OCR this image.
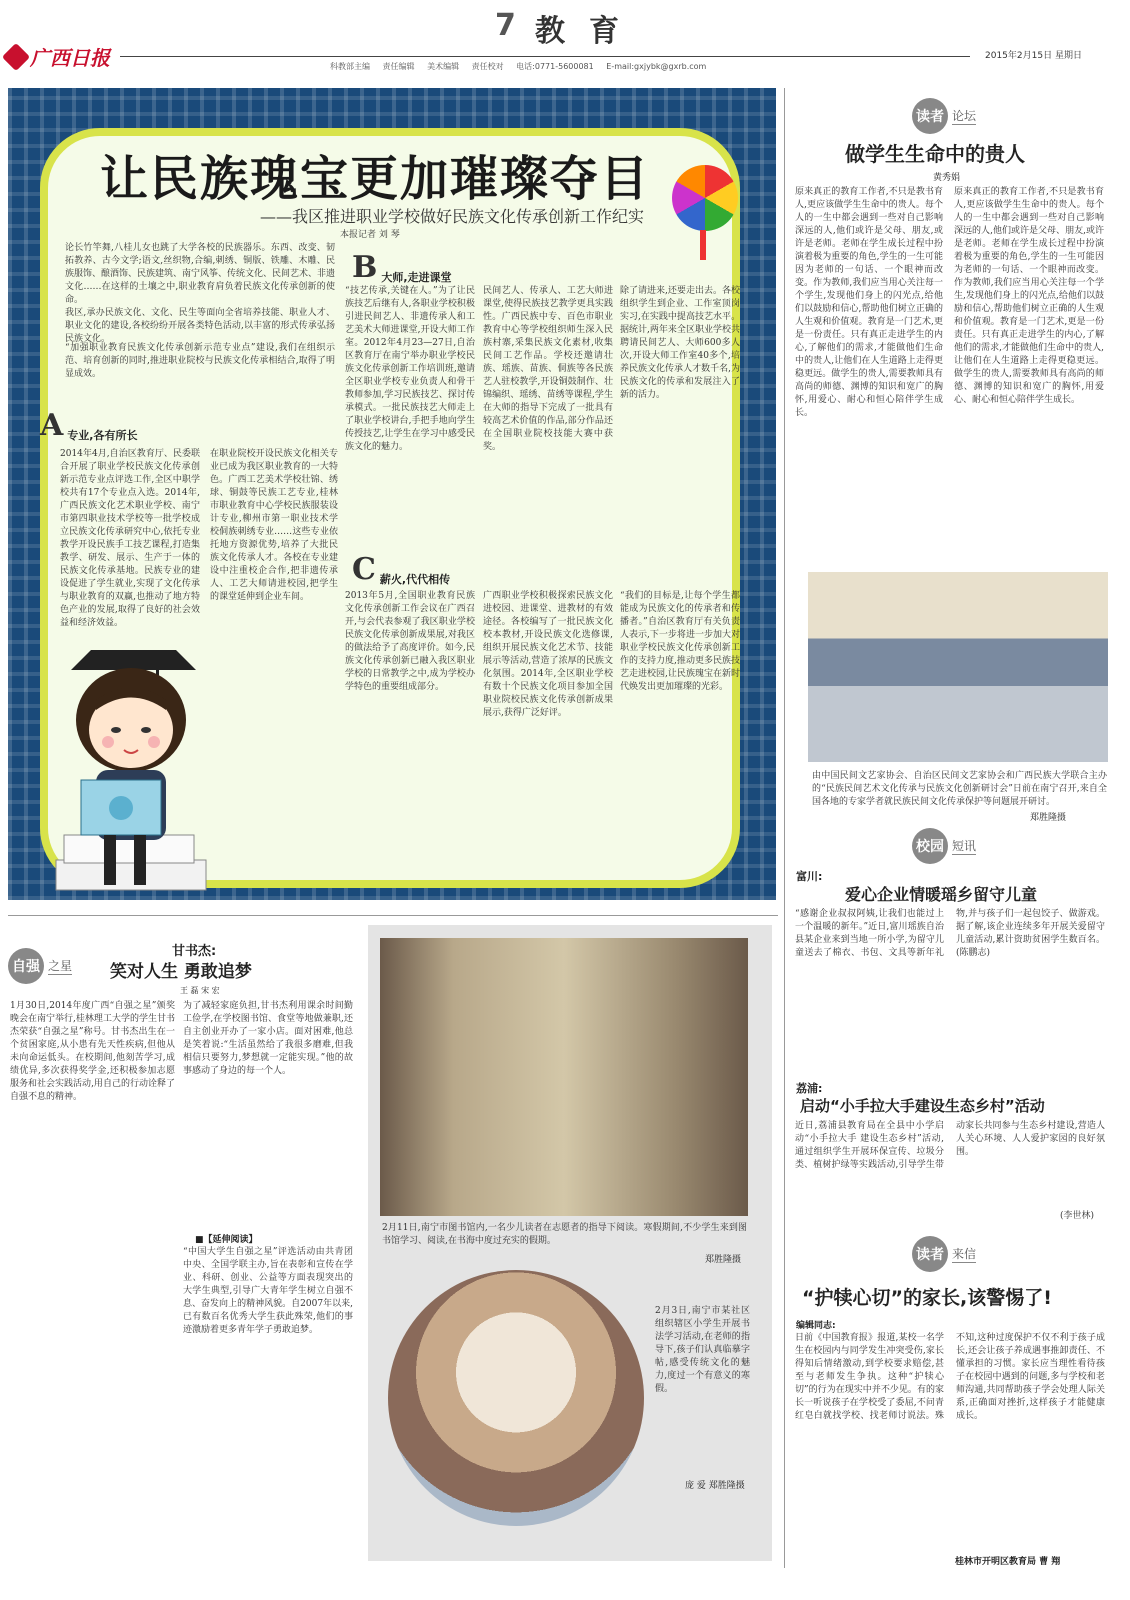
7 教育
广西日报	科教部主编 责任编辑 美术编辑 责任校对 电话:0771-5600081 E-mail:gxjybk@gxrb.com
2015年2月15日 星期日
让民族瑰宝更加璀璨夺目
——我区推进职业学校做好民族文化传承创新工作纪实
本报记者 刘 琴
论长竹竿舞,八桂儿女也跳了大学各校的民族器乐。东西、改变、韧拓教养、古今文学;语文,丝织物,合编,刺绣、铜版、铁雕、木雕、民族服饰、酿酒饰、民族建筑、南宁风筝、传统文化、民间艺术、非遗文化……在这样的土壤之中,职业教育肩负着民族文化传承创新的使命。
我区,承办民族文化、文化、民生等面向全省培养技能、职业人才、职业文化的建设,各校纷纷开展各类特色活动,以丰富的形式传承弘扬民族文化。
“加强职业教育民族文化传承创新示范专业点”建设,我们在组织示范、培育创新的同时,推进职业院校与民族文化传承相结合,取得了明显成效。
A 专业,各有所长
2014年4月,自治区教育厅、民委联合开展了职业学校民族文化传承创新示范专业点评选工作,全区中职学校共有17个专业点入选。2014年,广西民族文化艺术职业学校、南宁市第四职业技术学校等一批学校成立民族文化传承研究中心,依托专业教学开设民族手工技艺课程,打造集教学、研发、展示、生产于一体的民族文化传承基地。民族专业的建设促进了学生就业,实现了文化传承与职业教育的双赢,也推动了地方特色产业的发展,取得了良好的社会效益和经济效益。
在职业院校开设民族文化相关专业已成为我区职业教育的一大特色。广西工艺美术学校壮锦、绣球、铜鼓等民族工艺专业,桂林市职业教育中心学校民族服装设计专业,柳州市第一职业技术学校侗族刺绣专业……这些专业依托地方资源优势,培养了大批民族文化传承人才。各校在专业建设中注重校企合作,把非遗传承人、工艺大师请进校园,把学生的课堂延伸到企业车间。
B 大师,走进课堂
“技艺传承,关键在人。”为了让民族技艺后继有人,各职业学校积极引进民间艺人、非遗传承人和工艺美术大师进课堂,开设大师工作室。2012年4月23—27日,自治区教育厅在南宁举办职业学校民族文化传承创新工作培训班,邀请全区职业学校专业负责人和骨干教师参加,学习民族技艺、探讨传承模式。一批民族技艺大师走上了职业学校讲台,手把手地向学生传授技艺,让学生在学习中感受民族文化的魅力。
民间艺人、传承人、工艺大师进课堂,使得民族技艺教学更具实践性。广西民族中专、百色市职业教育中心等学校组织师生深入民族村寨,采集民族文化素材,收集民间工艺作品。学校还邀请壮族、瑶族、苗族、侗族等各民族艺人驻校教学,开设铜鼓制作、壮锦编织、瑶绣、苗绣等课程,学生在大师的指导下完成了一批具有较高艺术价值的作品,部分作品还在全国职业院校技能大赛中获奖。
除了请进来,还要走出去。各校组织学生到企业、工作室顶岗实习,在实践中提高技艺水平。据统计,两年来全区职业学校共聘请民间艺人、大师600多人次,开设大师工作室40多个,培养民族文化传承人才数千名,为民族文化的传承和发展注入了新的活力。
C 薪火,代代相传
2013年5月,全国职业教育民族文化传承创新工作会议在广西召开,与会代表参观了我区职业学校民族文化传承创新成果展,对我区的做法给予了高度评价。如今,民族文化传承创新已融入我区职业学校的日常教学之中,成为学校办学特色的重要组成部分。
广西职业学校积极探索民族文化进校园、进课堂、进教材的有效途径。各校编写了一批民族文化校本教材,开设民族文化选修课,组织开展民族文化艺术节、技能展示等活动,营造了浓厚的民族文化氛围。2014年,全区职业学校有数十个民族文化项目参加全国职业院校民族文化传承创新成果展示,获得广泛好评。
“我们的目标是,让每个学生都能成为民族文化的传承者和传播者。”自治区教育厅有关负责人表示,下一步将进一步加大对职业学校民族文化传承创新工作的支持力度,推动更多民族技艺走进校园,让民族瑰宝在新时代焕发出更加璀璨的光彩。
读者 论坛
做学生生命中的贵人
黄秀娟
原来真正的教育工作者,不只是教书育人,更应该做学生生命中的贵人。每个人的一生中都会遇到一些对自己影响深远的人,他们或许是父母、朋友,或许是老师。老师在学生成长过程中扮演着极为重要的角色,学生的一生可能因为老师的一句话、一个眼神而改变。作为教师,我们应当用心关注每一个学生,发现他们身上的闪光点,给他们以鼓励和信心,帮助他们树立正确的人生观和价值观。教育是一门艺术,更是一份责任。只有真正走进学生的内心,了解他们的需求,才能做他们生命中的贵人,让他们在人生道路上走得更稳更远。做学生的贵人,需要教师具有高尚的师德、渊博的知识和宽广的胸怀,用爱心、耐心和恒心陪伴学生成长。
原来真正的教育工作者,不只是教书育人,更应该做学生生命中的贵人。每个人的一生中都会遇到一些对自己影响深远的人,他们或许是父母、朋友,或许是老师。老师在学生成长过程中扮演着极为重要的角色,学生的一生可能因为老师的一句话、一个眼神而改变。作为教师,我们应当用心关注每一个学生,发现他们身上的闪光点,给他们以鼓励和信心,帮助他们树立正确的人生观和价值观。教育是一门艺术,更是一份责任。只有真正走进学生的内心,了解他们的需求,才能做他们生命中的贵人,让他们在人生道路上走得更稳更远。做学生的贵人,需要教师具有高尚的师德、渊博的知识和宽广的胸怀,用爱心、耐心和恒心陪伴学生成长。
由中国民间文艺家协会、自治区民间文艺家协会和广西民族大学联合主办的“民族民间艺术文化传承与民族文化创新研讨会”日前在南宁召开,来自全国各地的专家学者就民族民间文化传承保护等问题展开研讨。
郑胜隆摄
校园 短讯
富川:
爱心企业情暖瑶乡留守儿童
“感谢企业叔叔阿姨,让我们也能过上一个温暖的新年。”近日,富川瑶族自治县某企业来到当地一所小学,为留守儿童送去了棉衣、书包、文具等新年礼物,并与孩子们一起包饺子、做游戏。据了解,该企业连续多年开展关爱留守儿童活动,累计资助贫困学生数百名。(陈鹏志)
荔浦:
启动“小手拉大手建设生态乡村”活动
近日,荔浦县教育局在全县中小学启动“小手拉大手 建设生态乡村”活动,通过组织学生开展环保宣传、垃圾分类、植树护绿等实践活动,引导学生带动家长共同参与生态乡村建设,营造人人关心环境、人人爱护家园的良好氛围。
(李世林)
读者 来信
“护犊心切”的家长,该警惕了!
编辑同志:
日前《中国教育报》报道,某校一名学生在校园内与同学发生冲突受伤,家长得知后情绪激动,到学校要求赔偿,甚至与老师发生争执。这种“护犊心切”的行为在现实中并不少见。有的家长一听说孩子在学校受了委屈,不问青红皂白就找学校、找老师讨说法。殊不知,这种过度保护不仅不利于孩子成长,还会让孩子养成遇事推卸责任、不懂承担的习惯。家长应当理性看待孩子在校园中遇到的问题,多与学校和老师沟通,共同帮助孩子学会处理人际关系,正确面对挫折,这样孩子才能健康成长。
桂林市开明区教育局 曹 翔
自强 之星
甘书杰:
笑对人生 勇敢追梦
王 磊 宋 宏
1月30日,2014年度广西“自强之星”颁奖晚会在南宁举行,桂林理工大学的学生甘书杰荣获“自强之星”称号。甘书杰出生在一个贫困家庭,从小患有先天性疾病,但他从未向命运低头。在校期间,他刻苦学习,成绩优异,多次获得奖学金,还积极参加志愿服务和社会实践活动,用自己的行动诠释了自强不息的精神。
为了减轻家庭负担,甘书杰利用课余时间勤工俭学,在学校图书馆、食堂等地做兼职,还自主创业开办了一家小店。面对困难,他总是笑着说:“生活虽然给了我很多磨难,但我相信只要努力,梦想就一定能实现。”他的故事感动了身边的每一个人。
■【延伸阅读】
“中国大学生自强之星”评选活动由共青团中央、全国学联主办,旨在表彰和宣传在学业、科研、创业、公益等方面表现突出的大学生典型,引导广大青年学生树立自强不息、奋发向上的精神风貌。自2007年以来,已有数百名优秀大学生获此殊荣,他们的事迹激励着更多青年学子勇敢追梦。
2月11日,南宁市图书馆内,一名少儿读者在志愿者的指导下阅读。寒假期间,不少学生来到图书馆学习、阅读,在书海中度过充实的假期。
郑胜隆摄
2月3日,南宁市某社区组织辖区小学生开展书法学习活动,在老师的指导下,孩子们认真临摹字帖,感受传统文化的魅力,度过一个有意义的寒假。
庞 爱 郑胜隆摄
